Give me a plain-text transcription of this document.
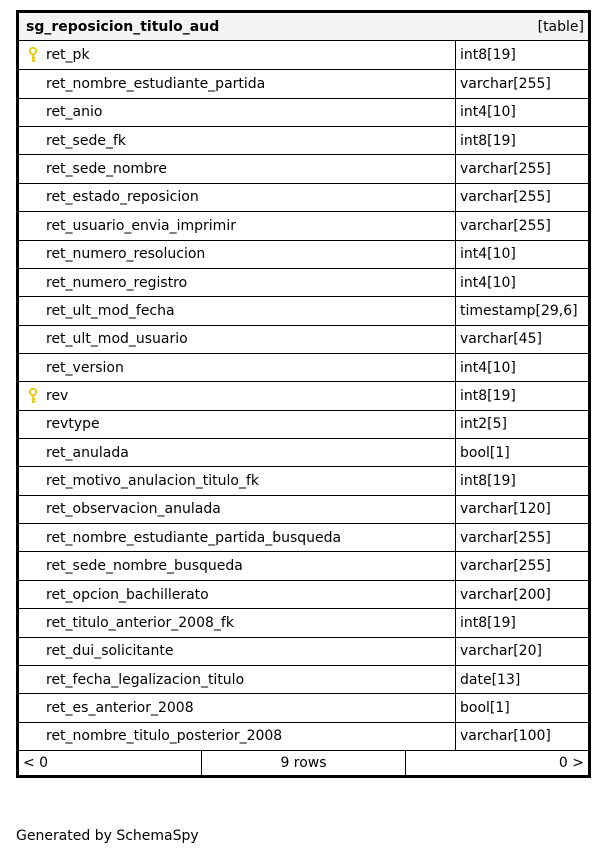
sg_reposicion_titulo_aud	[table]
ret_pk	int8[19]
ret_nombre_estudiante_partida	varchar[255]
ret_anio	int4[10]
ret_sede_fk	int8[19]
ret_sede_nombre	varchar[255]
ret_estado_reposicion	varchar[255]
ret_usuario_envia_imprimir	varchar[255]
ret_numero_resolucion	int4[10]
ret_numero_registro	int4[10]
ret_ult_mod_fecha	timestamp[29,6]
ret_ult_mod_usuario	varchar[45]
ret_version	int4[10]
rev	int8[19]
revtype	int2[5]
ret_anulada	bool[1]
ret_motivo_anulacion_titulo_fk	int8[19]
ret_observacion_anulada	varchar[120]
ret_nombre_estudiante_partida_busqueda	varchar[255]
ret_sede_nombre_busqueda	varchar[255]
ret_opcion_bachillerato	varchar[200]
ret_titulo_anterior_2008_fk	int8[19]
ret_dui_solicitante	varchar[20]
ret_fecha_legalizacion_titulo	date[13]
ret_es_anterior_2008	bool[1]
ret_nombre_titulo_posterior_2008	varchar[100]
< 0	9 rows	0 >
Generated by SchemaSpy
